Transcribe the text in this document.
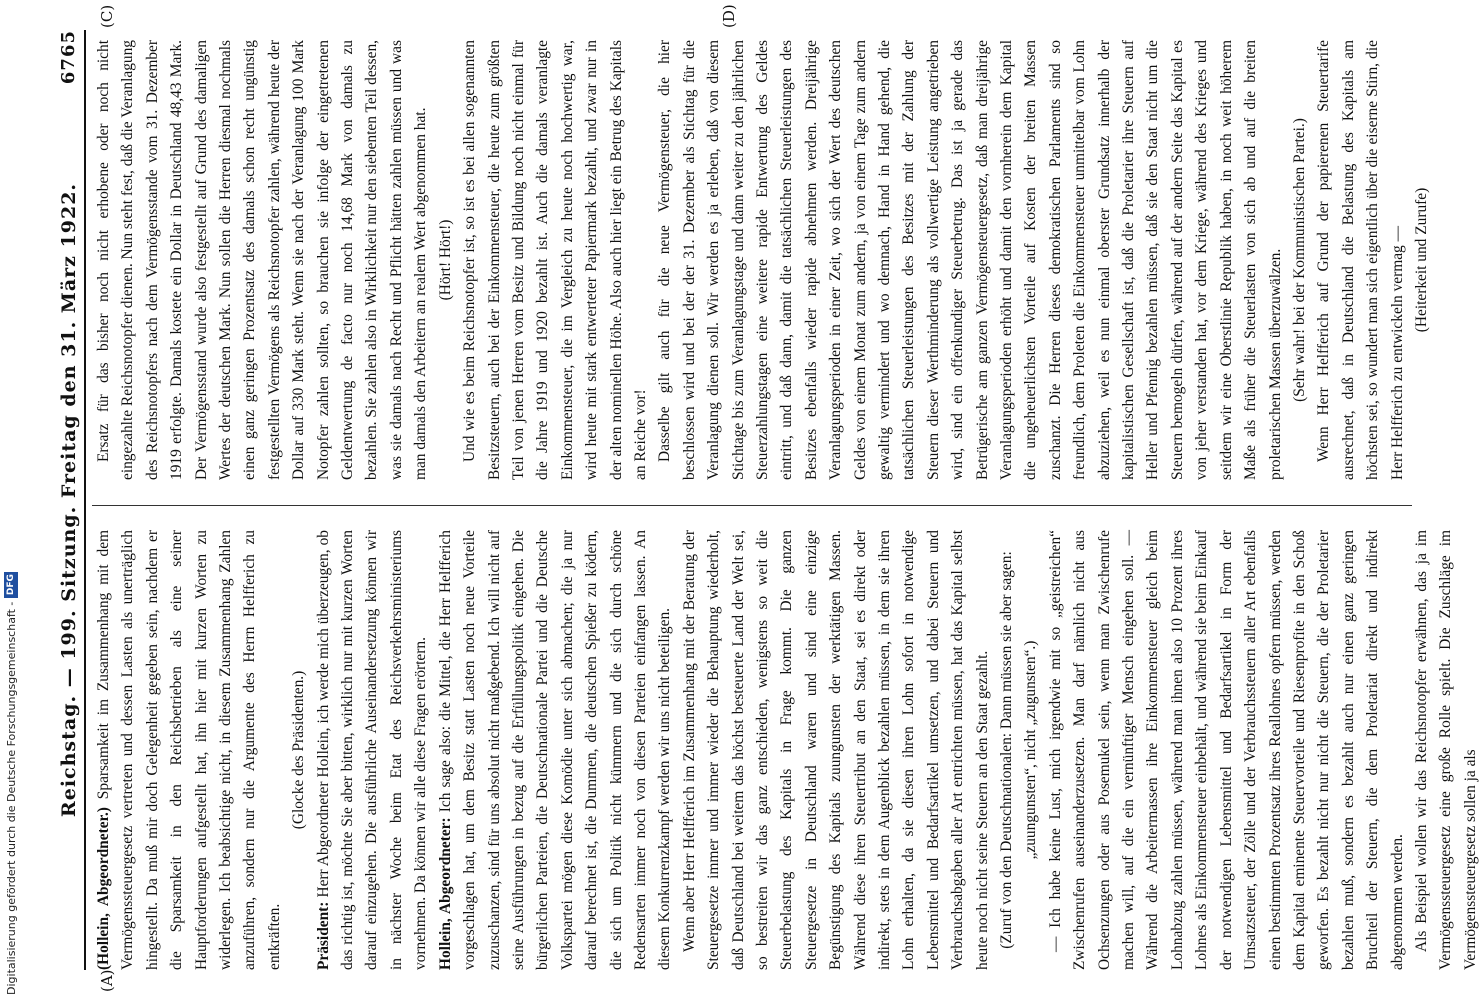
Reichstag. — 199. Sitzung. Freitag den 31. März 1922.
6765

(Hollein, Abgeordneter.) Sparsamkeit im Zusammenhang mit dem Vermögenssteuergesetz vertreten und dessen Lasten als unerträglich hingestellt. Da muß mir doch Gelegenheit gegeben sein, nachdem er die Sparsamkeit in den Reichsbetrieben als eine seiner Hauptforderungen aufgestellt hat, ihn hier mit kurzen Worten zu widerlegen. Ich beabsichtige nicht, in diesem Zusammenhang Zahlen anzuführen, sondern nur die Argumente des Herrn Helfferich zu entkräften.

(Glocke des Präsidenten.)

Präsident: Herr Abgeordneter Hollein, ich werde mich überzeugen, ob das richtig ist, möchte Sie aber bitten, wirklich nur mit kurzen Worten darauf einzugehen. Die ausführliche Auseinandersetzung können wir in nächster Woche beim Etat des Reichsverkehrsministeriums vornehmen. Da können wir alle diese Fragen erörtern. Hollein, Abgeordneter: Ich sage also: die Mittel, die Herr Helfferich vorgeschlagen hat, um dem Besitz statt Lasten noch neue Vorteile zuzuschanzen, sind für uns absolut nicht maßgebend. Ich will nicht auf seine Ausführungen in bezug auf die Erfüllungspolitik eingehen. Die bürgerlichen Parteien, die Deutschnationale Partei und die Deutsche Volkspartei mögen diese Komödie unter sich abmachen; die ja nur darauf berechnet ist, die Dummen, die deutschen Spießer zu ködern, die sich um Politik nicht kümmern und die sich durch schöne Redensarten immer noch von diesen Parteien einfangen lassen. An diesem Konkurrenzkampf werden wir uns nicht beteiligen. Wenn aber Herr Helfferich im Zusammenhang mit der Beratung der Steuergesetze immer und immer wieder die Behauptung wiederholt, daß Deutschland bei weitem das höchst besteuerte Land der Welt sei, so bestreiten wir das ganz entschieden, wenigstens so weit die Steuerbelastung des Kapitals in Frage kommt. Die ganzen Steuergesetze in Deutschland waren und sind eine einzige Begünstigung des Kapitals zuungunsten der werktätigen Massen. Während diese ihren Steuertribut an den Staat, sei es direkt oder indirekt, stets in dem Augenblick bezahlen müssen, in dem sie ihren Lohn erhalten, da sie diesen ihren Lohn sofort in notwendige Lebensmittel und Bedarfsartikel umsetzen, und dabei Steuern und Verbrauchsabgaben aller Art entrichten müssen, hat das Kapital selbst heute noch nicht seine Steuern an den Staat gezahlt. (Zuruf von den Deutschnationalen: Dann müssen sie aber sagen: „zuungunsten“, nicht „zugunsten“.) — Ich habe keine Lust, mich irgendwie mit so „geistreichen“ Zwischenrufen auseinanderzusetzen. Man darf nämlich nicht aus Ochsenzungen oder aus Posemukel sein, wenn man Zwischenrufe machen will, auf die ein vernünftiger Mensch eingehen soll. — Während die Arbeitermassen ihre Einkommensteuer gleich beim Lohnabzug zahlen müssen, während man ihnen also 10 Prozent ihres Lohnes als Einkommensteuer einbehält, und während sie beim Einkauf der notwendigen Lebensmittel und Bedarfsartikel in Form der Umsatzsteuer, der Zölle und der Verbrauchssteuern aller Art ebenfalls einen bestimmten Prozentsatz ihres Reallohnes opfern müssen, werden dem Kapital eminente Steuervorteile und Riesenprofite in den Schoß geworfen. Es bezahlt nicht nur nicht die Steuern, die der Proletarier bezahlen muß, sondern es bezahlt auch nur einen ganz geringen Bruchteil der Steuern, die dem Proletariat direkt und indirekt abgenommen werden. Als Beispiel wollen wir das Reichsnotopfer erwähnen, das ja im Vermögenssteuergesetz eine große Rolle spielt. Die Zuschläge im Vermögenssteuergesetz sollen ja als

Ersatz für das bisher noch nicht erhobene oder noch nicht eingezahlte Reichsnotopfer dienen. Nun steht fest, daß die Veranlagung des Reichsnotopfers nach dem Vermögensstande vom 31. Dezember 1919 erfolgte. Damals kostete ein Dollar in Deutschland 48,43 Mark. Der Vermögensstand wurde also festgestellt auf Grund des damaligen Wertes der deutschen Mark. Nun sollen die Herren diesmal nochmals einen ganz geringen Prozentsatz des damals schon recht ungünstig festgestellten Vermögens als Reichsnotopfer zahlen, während heute der Dollar auf 330 Mark steht. Wenn sie nach der Veranlagung 100 Mark Notopfer zahlen sollten, so brauchen sie infolge der eingetretenen Geldentwertung de facto nur noch 14,68 Mark von damals zu bezahlen. Sie zahlen also in Wirklichkeit nur den siebenten Teil dessen, was sie damals nach Recht und Pflicht hätten zahlen müssen und was man damals den Arbeitern an realem Wert abgenommen hat. (Hört! Hört!) Und wie es beim Reichsnotopfer ist, so ist es bei allen sogenannten Besitzsteuern, auch bei der Einkommensteuer, die heute zum größten Teil von jenen Herren vom Besitz und Bildung noch nicht einmal für die Jahre 1919 und 1920 bezahlt ist. Auch die damals veranlagte Einkommensteuer, die im Vergleich zu heute noch hochwertig war, wird heute mit stark entwerteter Papiermark bezahlt, und zwar nur in der alten nominellen Höhe. Also auch hier liegt ein Betrug des Kapitals an Reiche vor! Dasselbe gilt auch für die neue Vermögensteuer, die hier beschlossen wird und bei der der 31. Dezember als Stichtag für die Veranlagung dienen soll. Wir werden es ja erleben, daß von diesem Stichtage bis zum Veranlagungstage und dann weiter zu den jährlichen Steuerzahlungstagen eine weitere rapide Entwertung des Geldes eintritt, und daß dann, damit die tatsächlichen Steuerleistungen des Besitzes ebenfalls wieder rapide abnehmen werden. Dreijährige Veranlagungsperioden in einer Zeit, wo sich der Wert des deutschen Geldes von einem Monat zum andern, ja von einem Tage zum andern gewaltig vermindert und wo demnach, Hand in Hand gehend, die tatsächlichen Steuerleistungen des Besitzes mit der Zahlung der Steuern dieser Werthminderung als vollwertige Leistung angetrieben wird, sind ein offenkundiger Steuerbetrug. Das ist ja gerade das Betrügerische am ganzen Vermögensteuergesetz, daß man dreijährige Veranlagungsperioden erhöht und damit den vornherein dem Kapital die ungeheuerlichsten Vorteile auf Kosten der breiten Massen zuschanzt. Die Herren dieses demokratischen Parlaments sind so freundlich, dem Proleten die Einkommensteuer unmittelbar vom Lohn abzuziehen, weil es nun einmal oberster Grundsatz innerhalb der kapitalistischen Gesellschaft ist, daß die Proletarier ihre Steuern auf Heller und Pfennig bezahlen müssen, daß sie den Staat nicht um die Steuern bemogeln dürfen, während auf der andern Seite das Kapital es von jeher verstanden hat, vor dem Kriege, während des Krieges und seitdem wir eine Oberstlinie Republik haben, in noch weit höherem Maße als früher die Steuerlasten von sich ab und auf die breiten proletarischen Massen überzuwälzen. (Sehr wahr! bei der Kommunistischen Partei.) Wenn Herr Helfferich auf Grund der papierenen Steuertarife ausrechnet, daß in Deutschland die Belastung des Kapitals am höchsten sei, so wundert man sich eigentlich über die eiserne Stirn, die Herr Helfferich zu entwickeln vermag — (Heiterkeit und Zurufe)

(A)
(C)	(D)
Digitalisierung gefördert durch die Deutsche Forschungsgemeinschaft -
DFG
